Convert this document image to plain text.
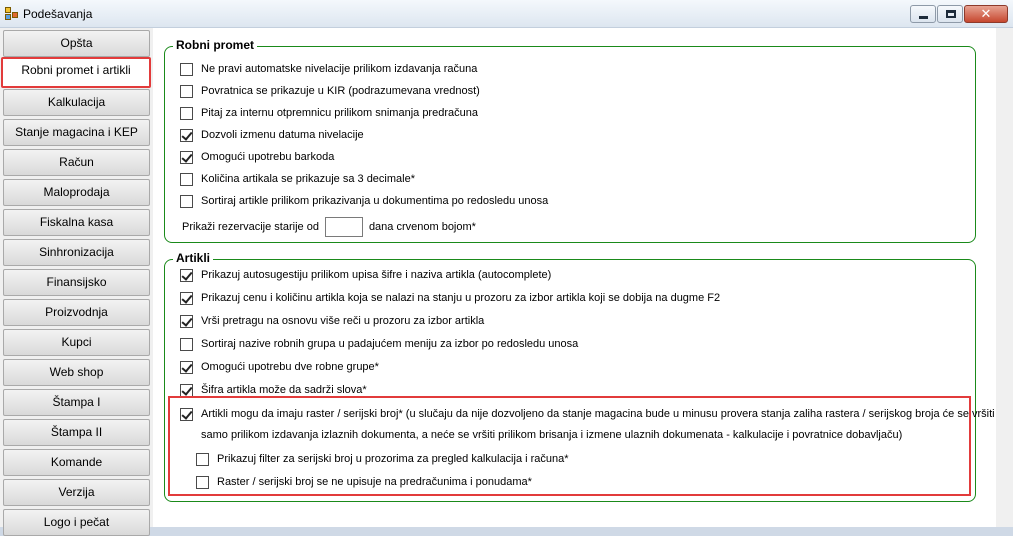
Podešavanja	✕
Opšta
Robni promet i artikli
Kalkulacija
Stanje magacina i KEP
Račun
Maloprodaja
Fiskalna kasa
Sinhronizacija
Finansijsko
Proizvodnja
Kupci
Web shop
Štampa I
Štampa II
Komande
Verzija
Logo i pečat
Robni promet
Ne pravi automatske nivelacije prilikom izdavanja računa
Povratnica se prikazuje u KIR (podrazumevana vrednost)
Pitaj za internu otpremnicu prilikom snimanja predračuna
Dozvoli izmenu datuma nivelacije
Omogući upotrebu barkoda
Količina artikala se prikazuje sa 3 decimale*
Sortiraj artikle prilikom prikazivanja u dokumentima po redosledu unosa
Prikaži rezervacije starije od	dana crvenom bojom*
Artikli
Prikazuj autosugestiju prilikom upisa šifre i naziva artikla (autocomplete)
Prikazuj cenu i količinu artikla koja se nalazi na stanju u prozoru za izbor artikla koji se dobija na dugme F2
Vrši pretragu na osnovu više reči u prozoru za izbor artikla
Sortiraj nazive robnih grupa u padajućem meniju za izbor po redosledu unosa
Omogući upotrebu dve robne grupe*
Šifra artikla može da sadrži slova*
Artikli mogu da imaju raster / serijski broj* (u slučaju da nije dozvoljeno da stanje magacina bude u minusu provera stanja zaliha rastera / serijskog broja će se vršiti
samo prilikom izdavanja izlaznih dokumenta, a neće se vršiti prilikom brisanja i izmene ulaznih dokumenata - kalkulacije i povratnice dobavljaču)
Prikazuj filter za serijski broj u prozorima za pregled kalkulacija i računa*
Raster / serijski broj se ne upisuje na predračunima i ponudama*
